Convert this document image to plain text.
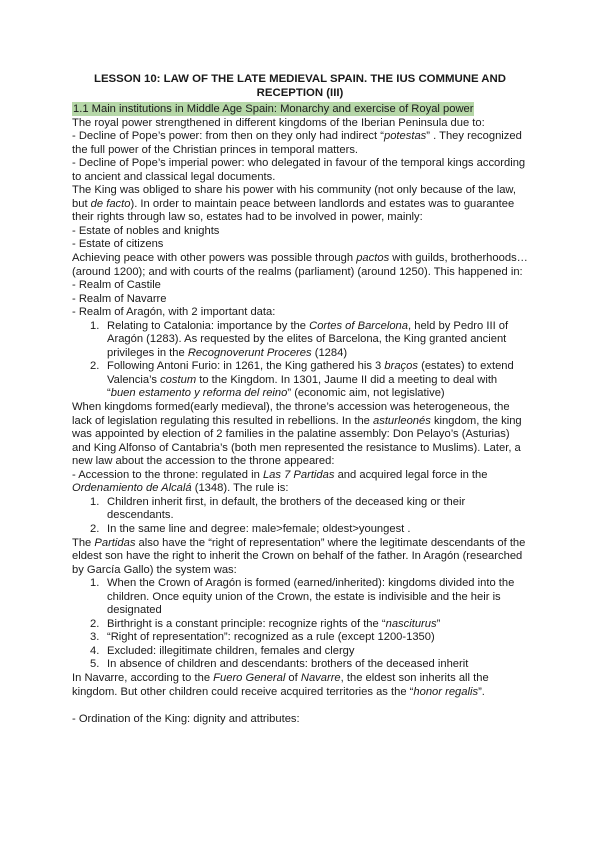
LESSON 10: LAW OF THE LATE MEDIEVAL SPAIN. THE IUS COMMUNE AND RECEPTION (III)
1.1 Main institutions in Middle Age Spain: Monarchy and exercise of Royal power

The royal power strengthened in different kingdoms of the Iberian Peninsula due to:

- Decline of Pope’s power: from then on they only had indirect “potestas” . They recognized the full power of the Christian princes in temporal matters.

- Decline of Pope’s imperial power: who delegated in favour of the temporal kings according to ancient and classical legal documents.

The King was obliged to share his power with his community (not only because of the law, but de facto). In order to maintain peace between landlords and estates was to guarantee their rights through law so, estates had to be involved in power, mainly:

- Estate of nobles and knights

- Estate of citizens

Achieving peace with other powers was possible through pactos with guilds, brotherhoods… (around 1200); and with courts of the realms (parliament) (around 1250). This happened in:

- Realm of Castile

- Realm of Navarre

- Realm of Aragón, with 2 important data:

1. Relating to Catalonia: importance by the Cortes of Barcelona, held by Pedro III of Aragón (1283). As requested by the elites of Barcelona, the King granted ancient privileges in the Recognoverunt Proceres (1284)
2. Following Antoni Furio: in 1261, the King gathered his 3 braços (estates) to extend Valencia’s costum to the Kingdom. In 1301, Jaume II did a meeting to deal with “buen estamento y reforma del reino” (economic aim, not legislative)

When kingdoms formed(early medieval), the throne’s accession was heterogeneous, the lack of legislation regulating this resulted in rebellions. In the asturleonés kingdom, the king was appointed by election of 2 families in the palatine assembly: Don Pelayo’s (Asturias) and King Alfonso of Cantabria’s (both men represented the resistance to Muslims). Later, a new law about the accession to the throne appeared:

- Accession to the throne: regulated in Las 7 Partidas and acquired legal force in the Ordenamiento de Alcalá (1348). The rule is:

1. Children inherit first, in default, the brothers of the deceased king or their descendants.
2. In the same line and degree: male>female; oldest>youngest .

The Partidas also have the “right of representation” where the legitimate descendants of the eldest son have the right to inherit the Crown on behalf of the father. In Aragón (researched by García Gallo) the system was:

1. When the Crown of Aragón is formed (earned/inherited): kingdoms divided into the children. Once equity union of the Crown, the estate is indivisible and the heir is designated
2. Birthright is a constant principle: recognize rights of the “nasciturus”
3. “Right of representation”: recognized as a rule (except 1200-1350)
4. Excluded: illegitimate children, females and clergy
5. In absence of children and descendants: brothers of the deceased inherit

In Navarre, according to the Fuero General of Navarre, the eldest son inherits all the kingdom. But other children could receive acquired territories as the “honor regalis”.

- Ordination of the King: dignity and attributes:
